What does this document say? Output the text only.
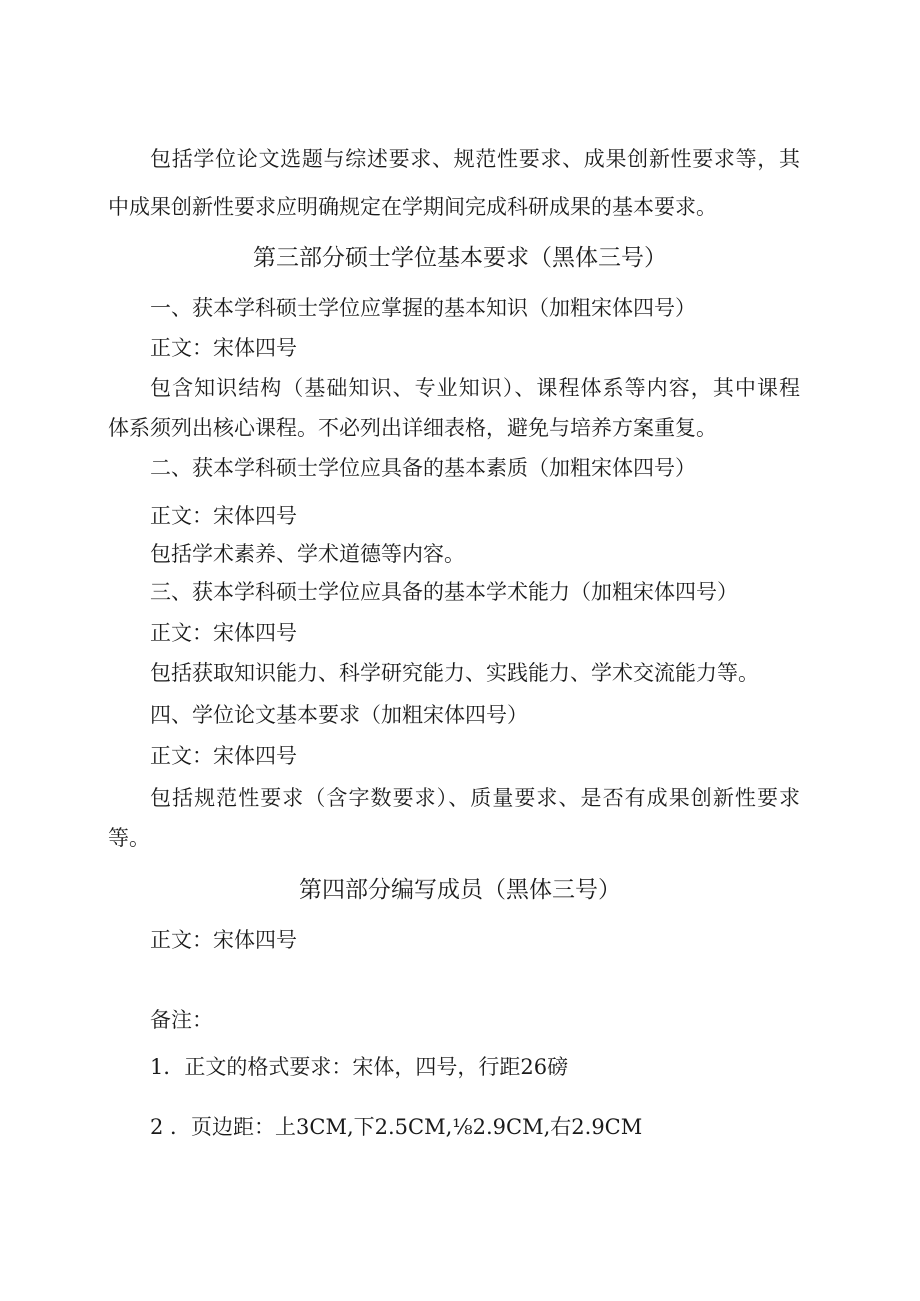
包括学位论文选题与综述要求、规范性要求、成果创新性要求等，其
中成果创新性要求应明确规定在学期间完成科研成果的基本要求。
第三部分硕士学位基本要求（黑体三号）
一、获本学科硕士学位应掌握的基本知识（加粗宋体四号）
正文：宋体四号
包含知识结构（基础知识、专业知识）、课程体系等内容，其中课程
体系须列出核心课程。不必列出详细表格，避免与培养方案重复。
二、获本学科硕士学位应具备的基本素质（加粗宋体四号）
正文：宋体四号
包括学术素养、学术道德等内容。
三、获本学科硕士学位应具备的基本学术能力（加粗宋体四号）
正文：宋体四号
包括获取知识能力、科学研究能力、实践能力、学术交流能力等。
四、学位论文基本要求（加粗宋体四号）
正文：宋体四号
包括规范性要求（含字数要求）、质量要求、是否有成果创新性要求
等。
第四部分编写成员（黑体三号）
正文：宋体四号
备注：
1．正文的格式要求：宋体，四号，行距26磅
2 ．页边距：上3CM,下2.5CM,⅛2.9CM,右2.9CM
